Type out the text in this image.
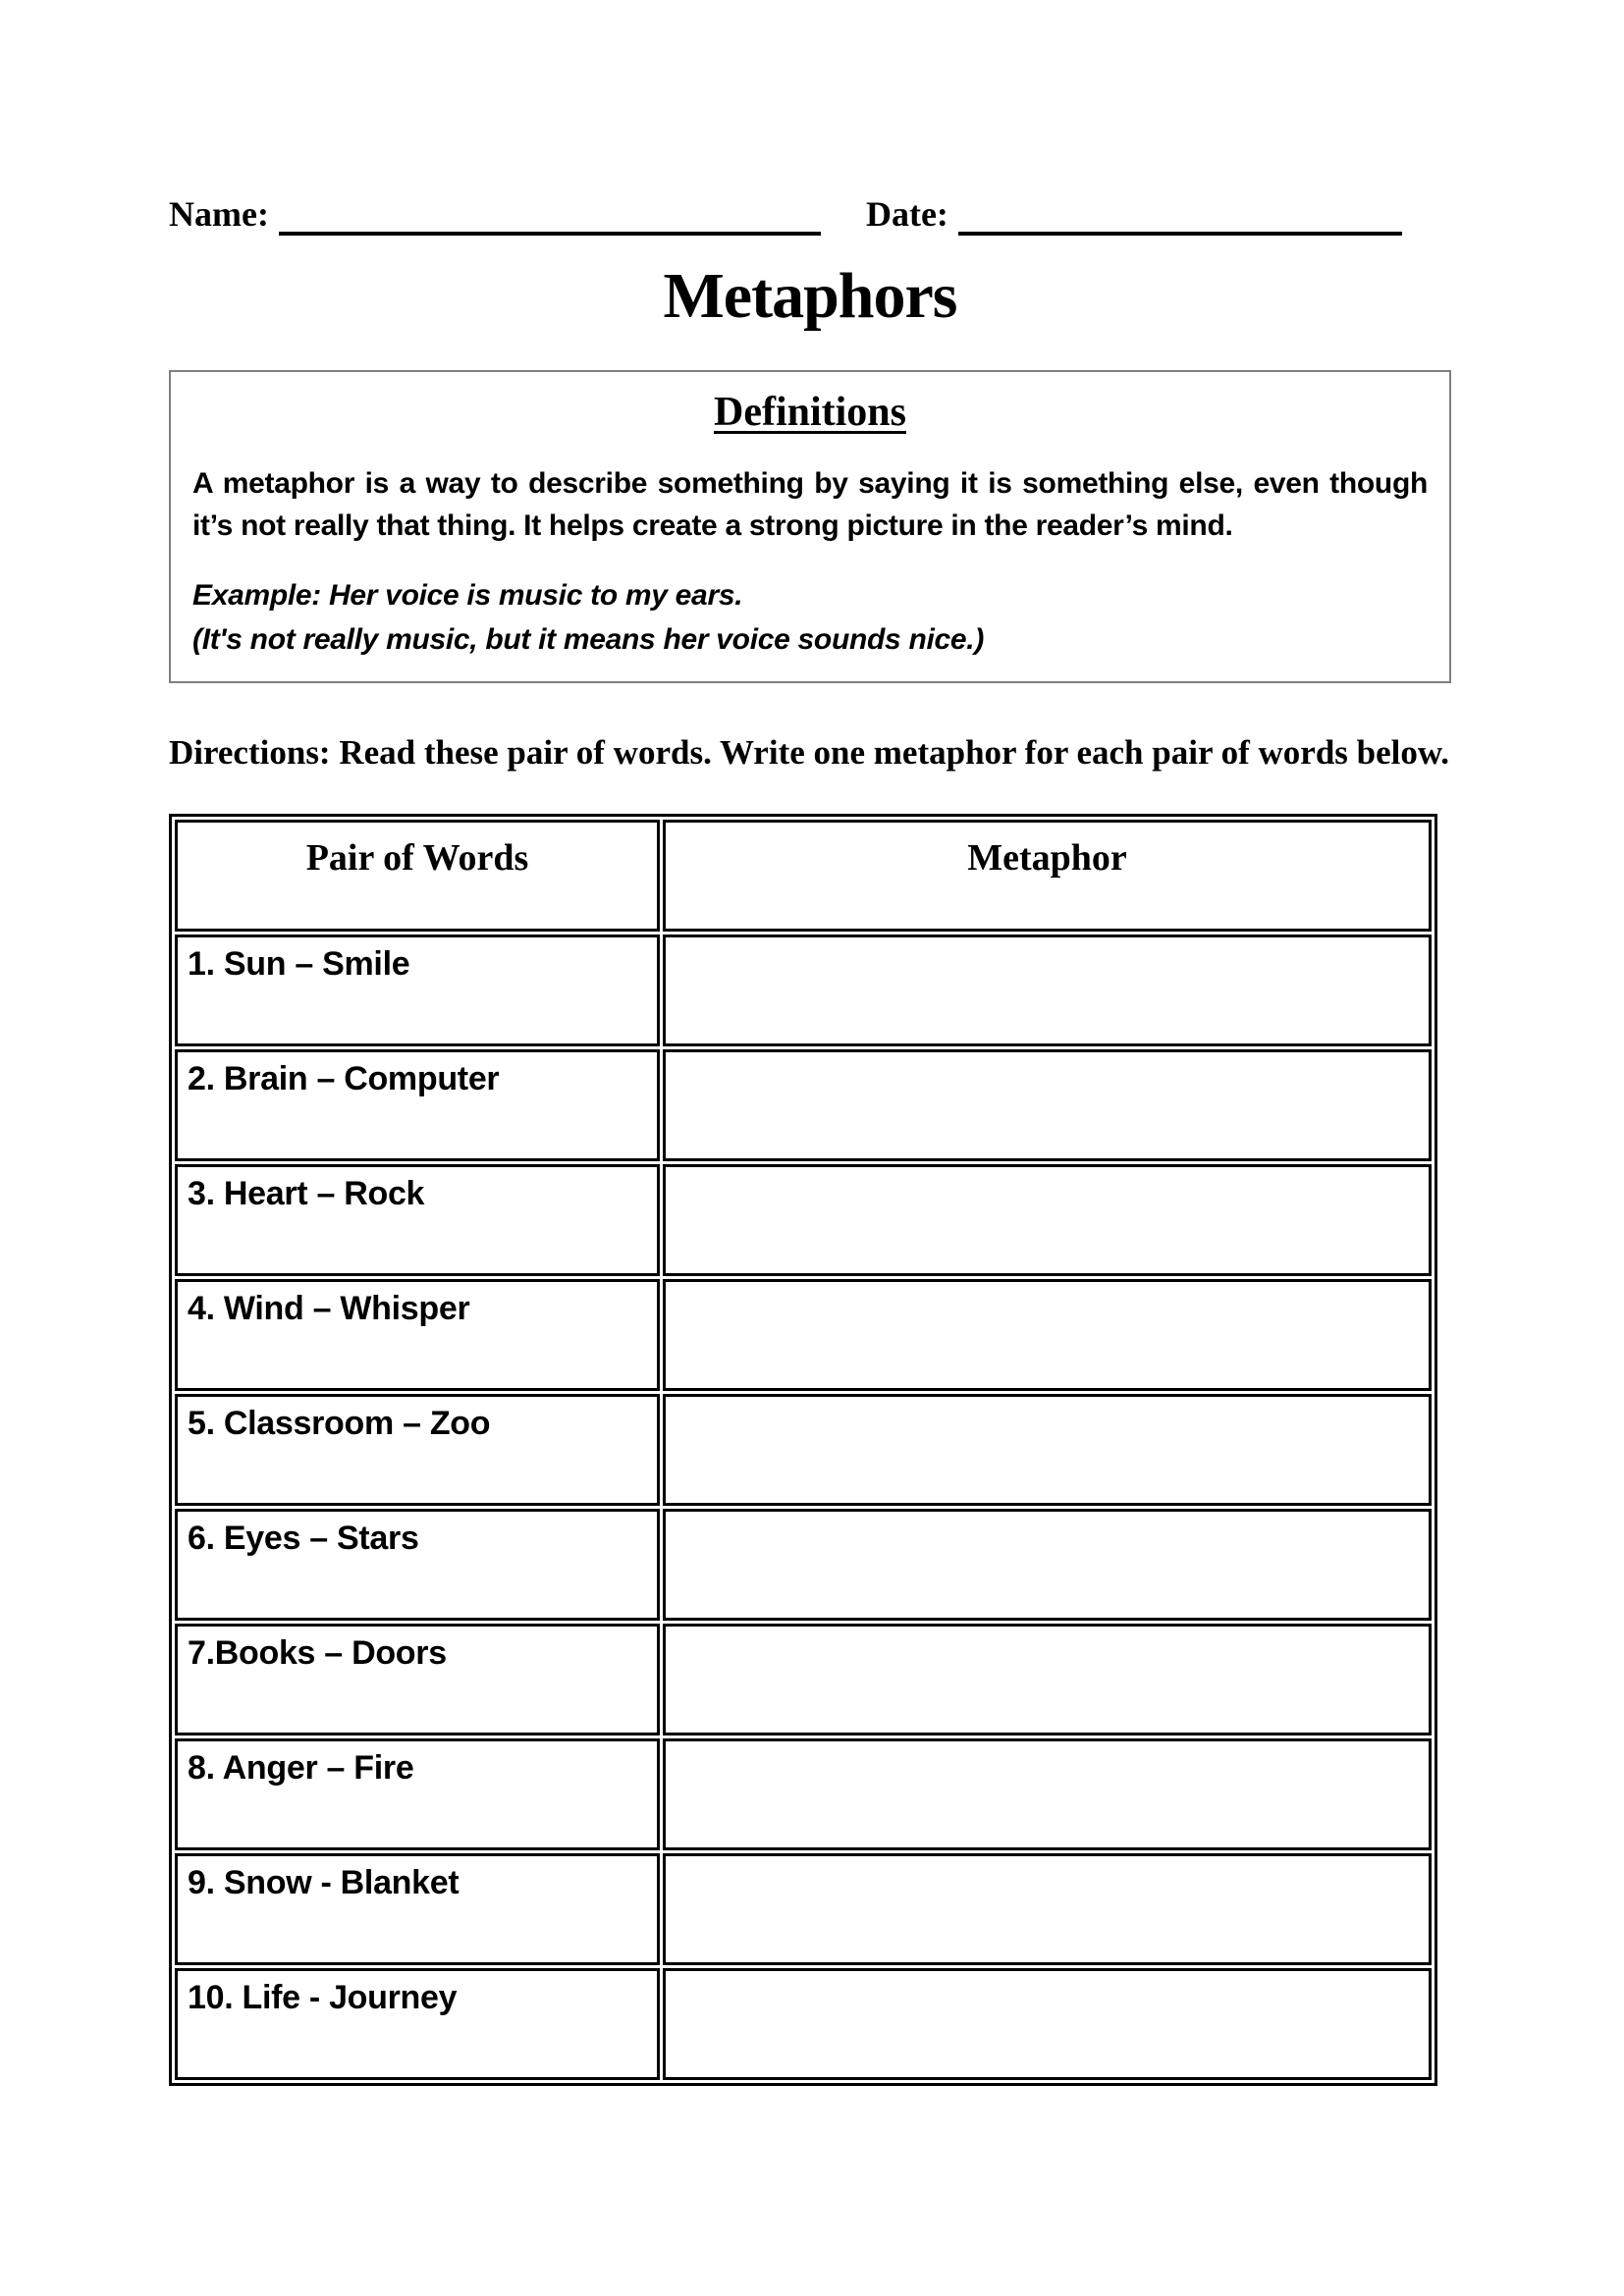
Name:	Date:
Metaphors
Definitions

A metaphor is a way to describe something by saying it is something else, even though it’s not really that thing. It helps create a strong picture in the reader’s mind.

Example: Her voice is music to my ears.
(It's not really music, but it means her voice sounds nice.)

Directions: Read these pair of words. Write one metaphor for each pair of words below.

Pair of Words	Metaphor
1. Sun – Smile	
2. Brain – Computer	
3. Heart – Rock	
4. Wind – Whisper	
5. Classroom – Zoo	
6. Eyes – Stars	
7.Books – Doors	
8. Anger – Fire	
9. Snow - Blanket	
10. Life - Journey	
